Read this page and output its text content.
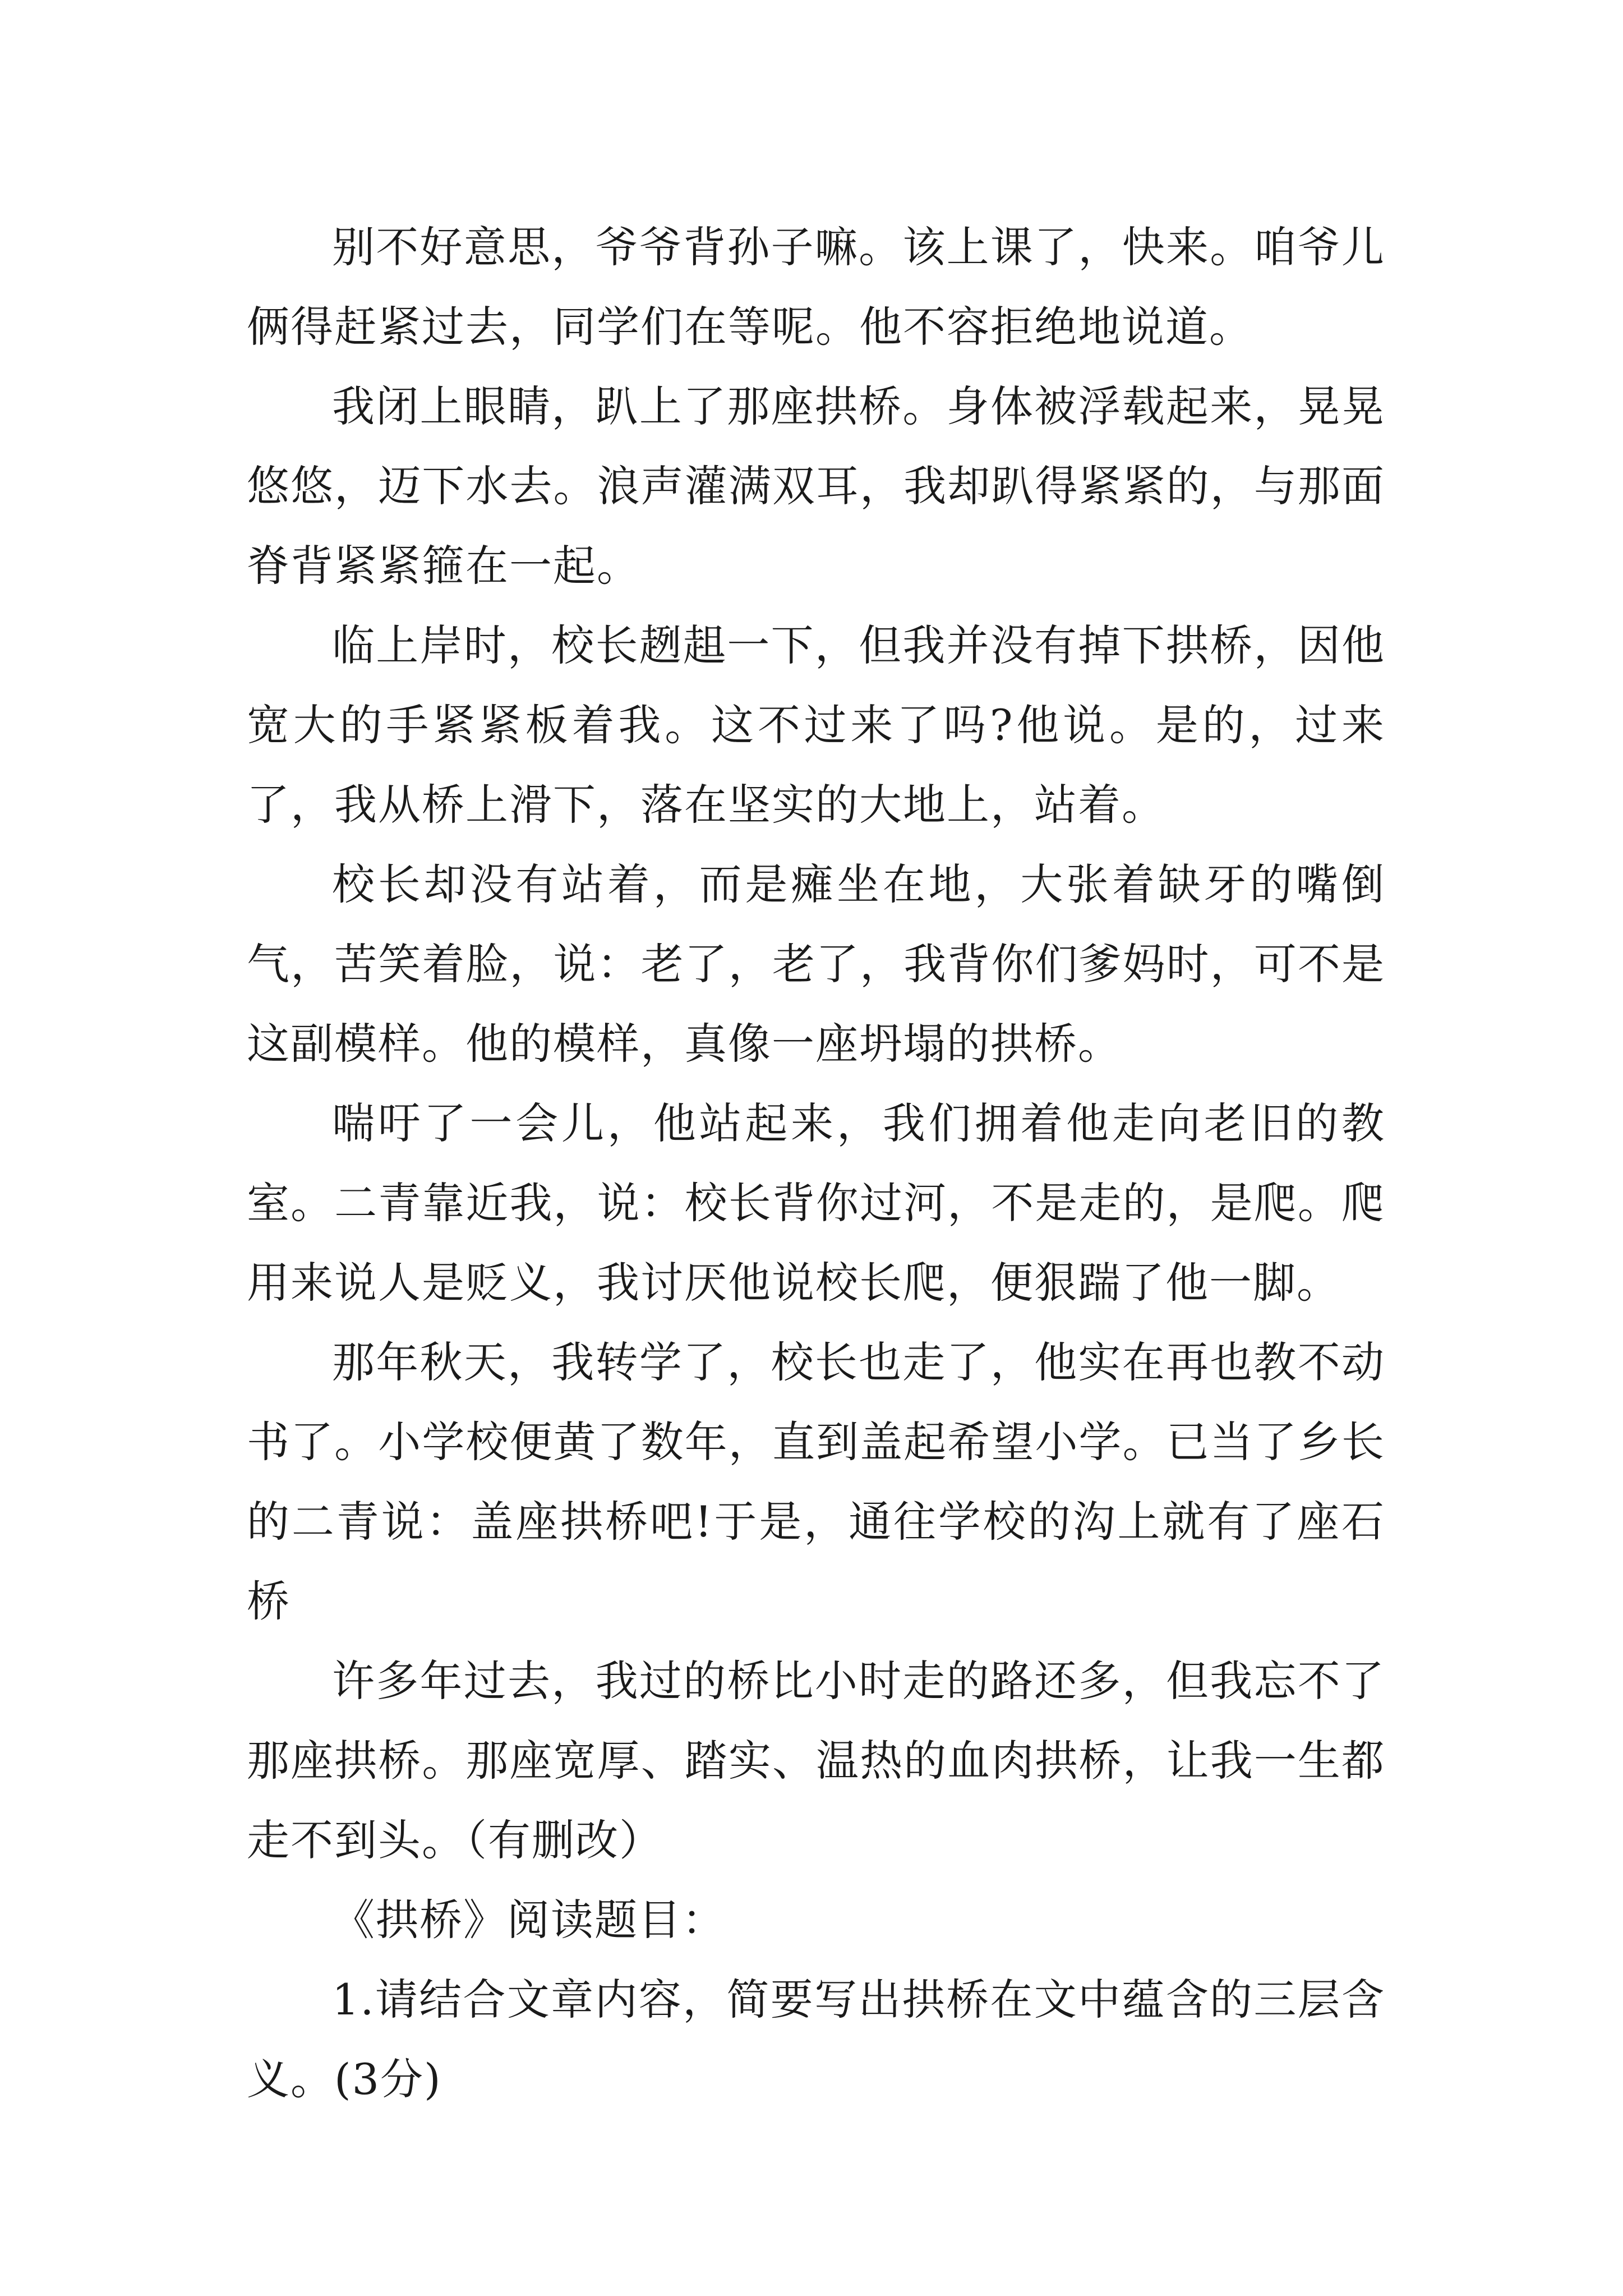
别不好意思，爷爷背孙子嘛。该上课了，快来。咱爷儿俩得赶紧过去，同学们在等呢。他不容拒绝地说道。

我闭上眼睛，趴上了那座拱桥。身体被浮载起来，晃晃悠悠，迈下水去。浪声灌满双耳，我却趴得紧紧的，与那面脊背紧紧箍在一起。

临上岸时，校长趔趄一下，但我并没有掉下拱桥，因他宽大的手紧紧板着我。这不过来了吗?他说。是的，过来了，我从桥上滑下，落在坚实的大地上，站着。

校长却没有站着，而是瘫坐在地，大张着缺牙的嘴倒气，苦笑着脸，说：老了，老了，我背你们爹妈时，可不是这副模样。他的模样，真像一座坍塌的拱桥。

喘吁了一会儿，他站起来，我们拥着他走向老旧的教室。二青靠近我，说：校长背你过河，不是走的，是爬。爬用来说人是贬义，我讨厌他说校长爬，便狠踹了他一脚。

那年秋天，我转学了，校长也走了，他实在再也教不动书了。小学校便黄了数年，直到盖起希望小学。已当了乡长的二青说：盖座拱桥吧!于是，通往学校的沟上就有了座石桥

许多年过去，我过的桥比小时走的路还多，但我忘不了那座拱桥。那座宽厚、踏实、温热的血肉拱桥，让我一生都走不到头。（有删改）

《拱桥》阅读题目：

1.请结合文章内容，简要写出拱桥在文中蕴含的三层含义。(3分)
